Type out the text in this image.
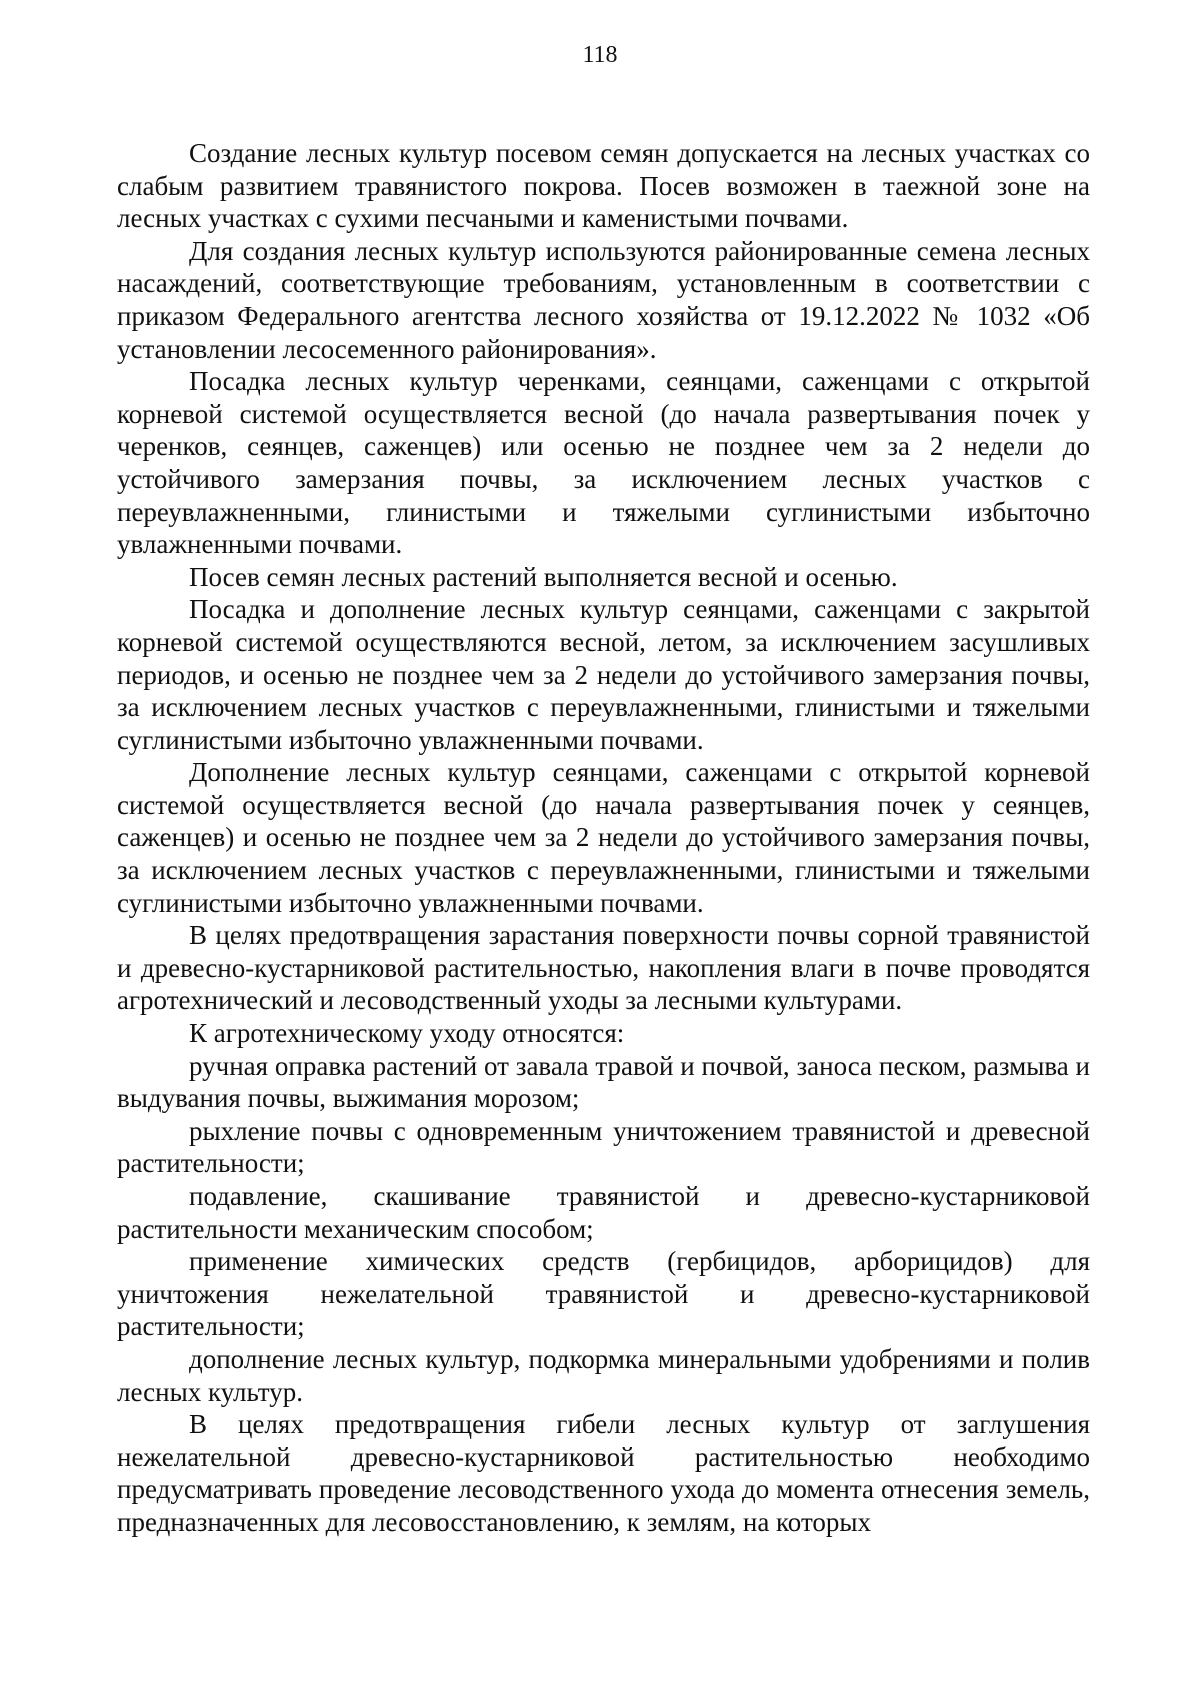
118

Создание лесных культур посевом семян допускается на лесных участках со слабым развитием травянистого покрова. Посев возможен в таежной зоне на лесных участках с сухими песчаными и каменистыми почвами.

Для создания лесных культур используются районированные семена лесных насаждений, соответствующие требованиям, установленным в соответствии с приказом Федерального агентства лесного хозяйства от 19.12.2022 № 1032 «Об установлении лесосеменного районирования».

Посадка лесных культур черенками, сеянцами, саженцами с открытой корневой системой осуществляется весной (до начала развертывания почек у черенков, сеянцев, саженцев) или осенью не позднее чем за 2 недели до устойчивого замерзания почвы, за исключением лесных участков с переувлажненными, глинистыми и тяжелыми суглинистыми избыточно увлажненными почвами.

Посев семян лесных растений выполняется весной и осенью.

Посадка и дополнение лесных культур сеянцами, саженцами с закрытой корневой системой осуществляются весной, летом, за исключением засушливых периодов, и осенью не позднее чем за 2 недели до устойчивого замерзания почвы, за исключением лесных участков с переувлажненными, глинистыми и тяжелыми суглинистыми избыточно увлажненными почвами.

Дополнение лесных культур сеянцами, саженцами с открытой корневой системой осуществляется весной (до начала развертывания почек у сеянцев, саженцев) и осенью не позднее чем за 2 недели до устойчивого замерзания почвы, за исключением лесных участков с переувлажненными, глинистыми и тяжелыми суглинистыми избыточно увлажненными почвами.

В целях предотвращения зарастания поверхности почвы сорной травянистой и древесно-кустарниковой растительностью, накопления влаги в почве проводятся агротехнический и лесоводственный уходы за лесными культурами.

К агротехническому уходу относятся:

ручная оправка растений от завала травой и почвой, заноса песком, размыва и выдувания почвы, выжимания морозом;

рыхление почвы с одновременным уничтожением травянистой и древесной растительности;

подавление, скашивание травянистой и древесно-кустарниковой растительности механическим способом;

применение химических средств (гербицидов, арборицидов) для уничтожения нежелательной травянистой и древесно-кустарниковой растительности;

дополнение лесных культур, подкормка минеральными удобрениями и полив лесных культур.

В целях предотвращения гибели лесных культур от заглушения нежелательной древесно-кустарниковой растительностью необходимо предусматривать проведение лесоводственного ухода до момента отнесения земель, предназначенных для лесовосстановлению, к землям, на которых
